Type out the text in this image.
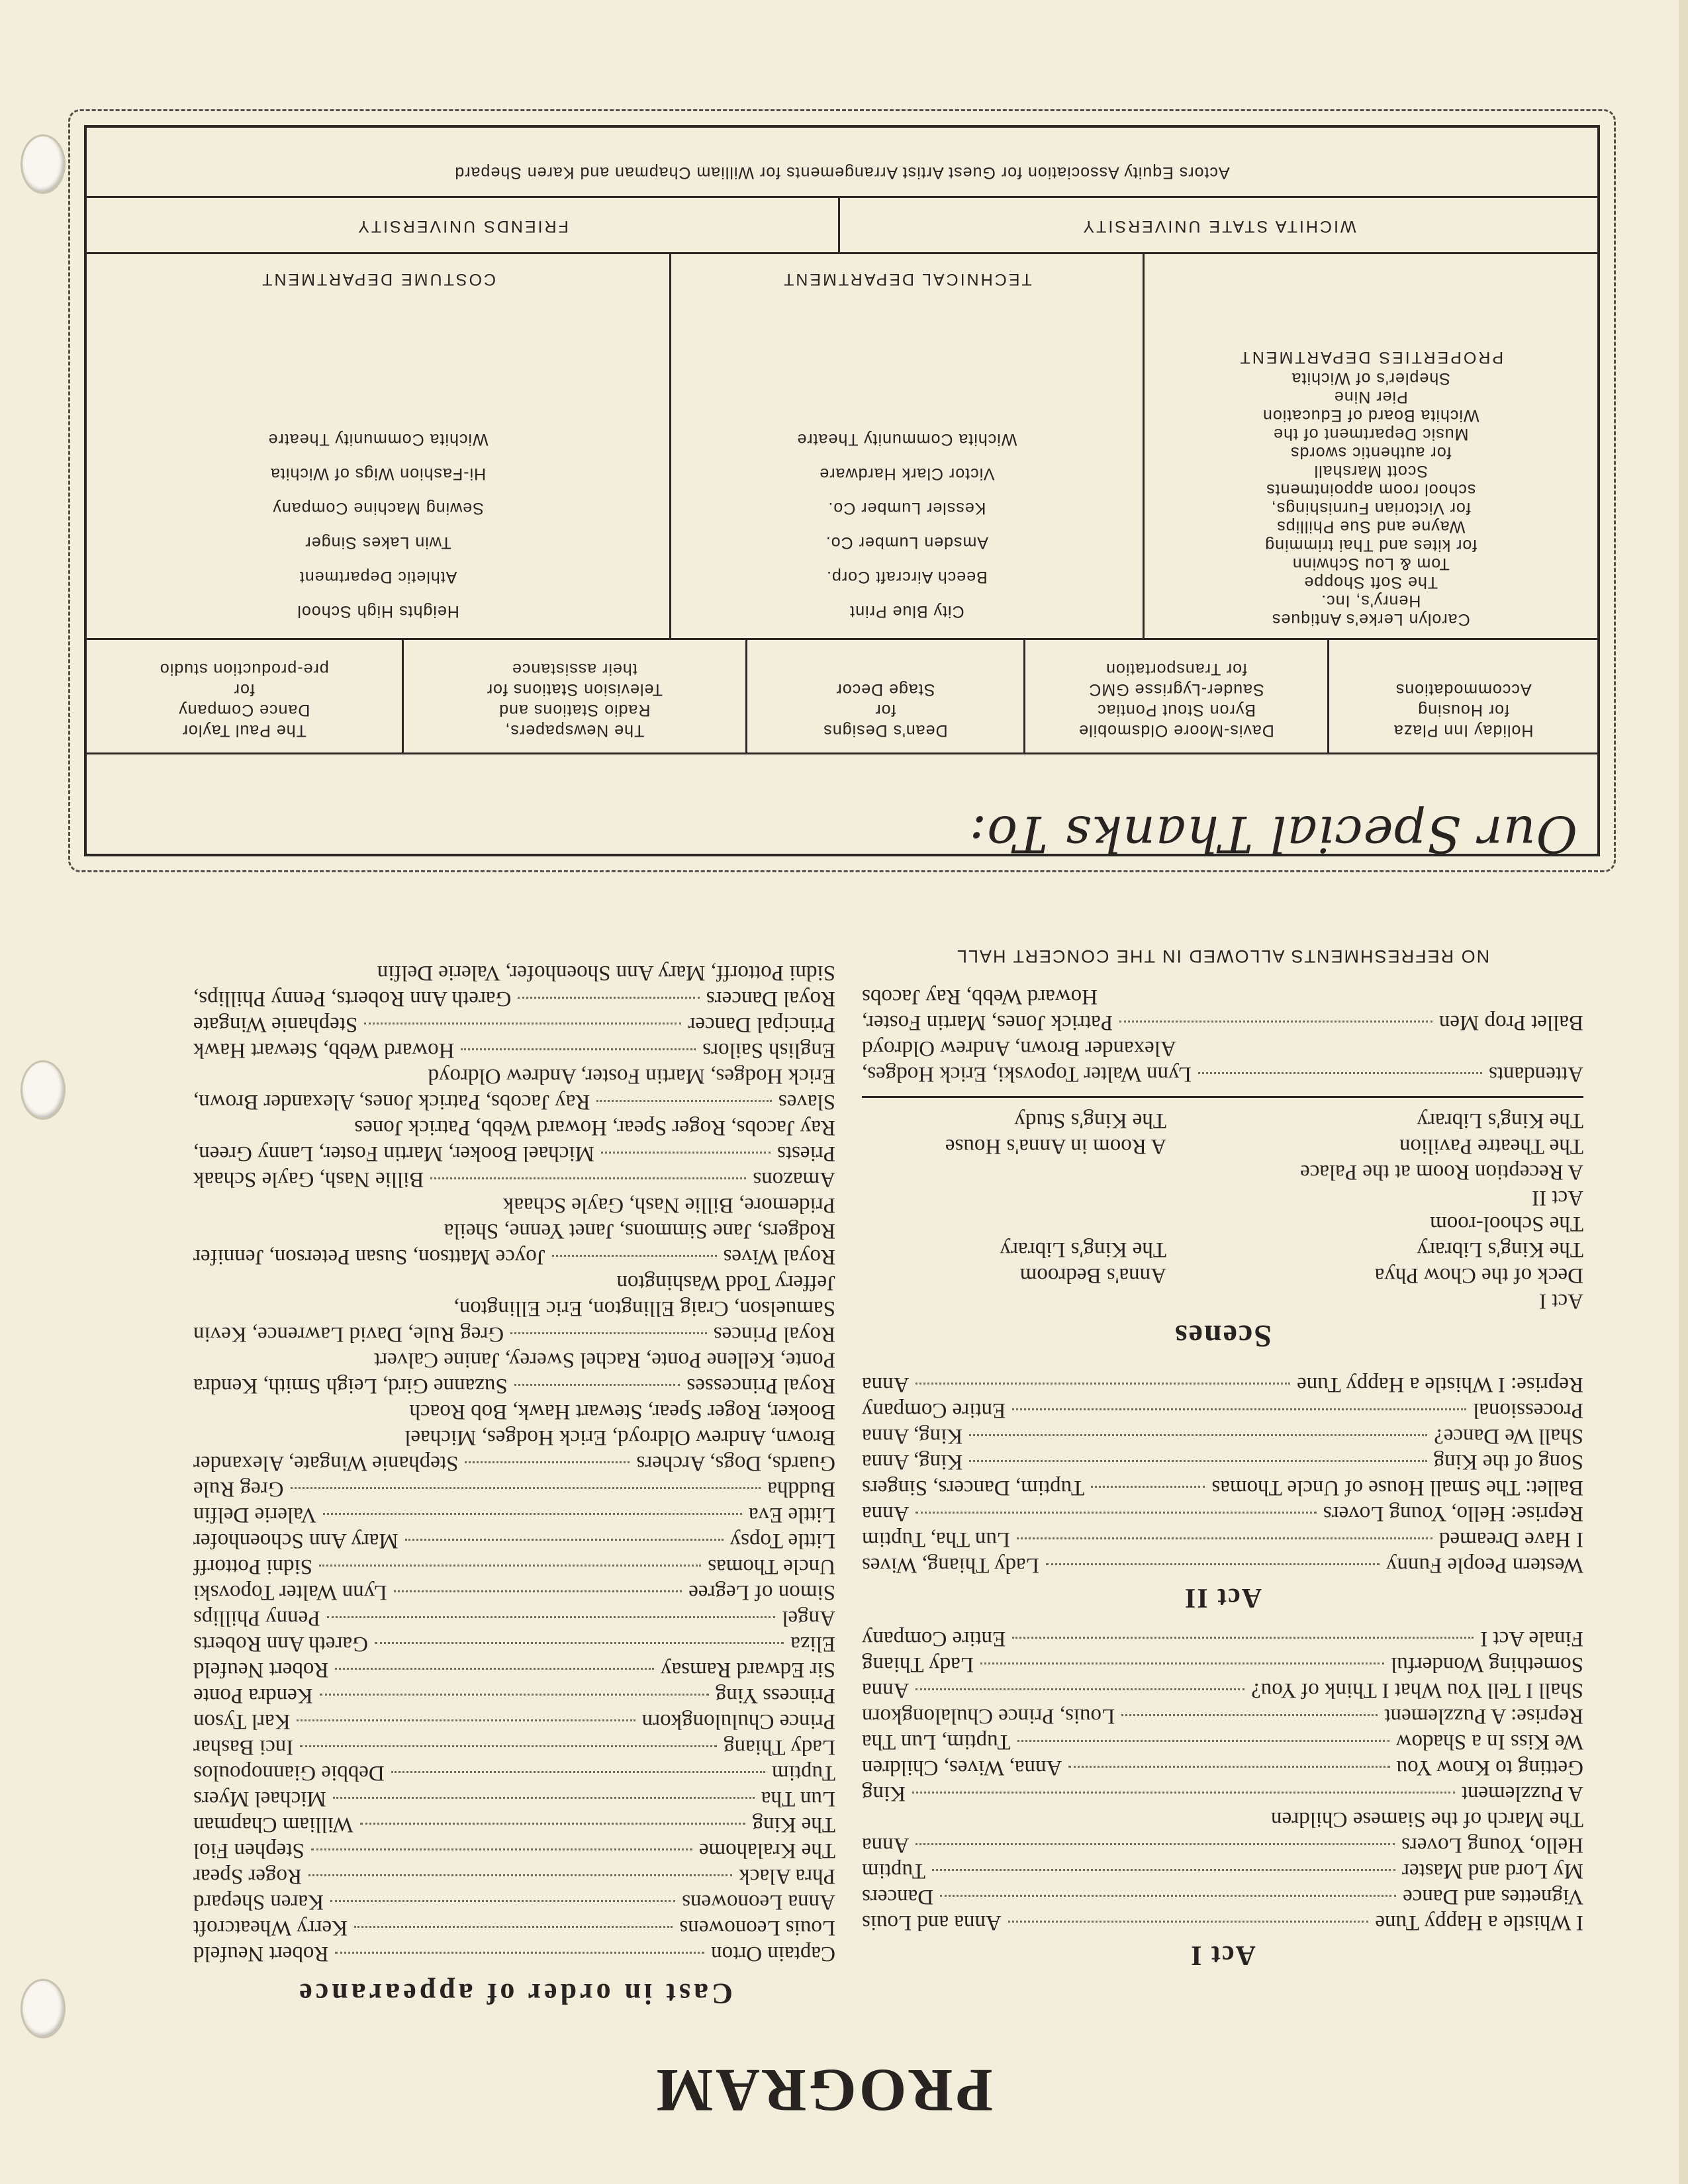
PROGRAM
Cast in order of appearance
Captain Orton
Robert Neufeld
Louis Leonowens
Kerry Wheatcroft
Anna Leonowens
Karen Shepard
Phra Alack
Roger Spear
The Kralahome
Stephen Fiol
The King
William Chapman
Lun Tha
Michael Myers
Tuptim
Debbie Giannopoulos
Lady Thiang
Inci Bashar
Prince Chululongkorn
Karl Tyson
Princess Ying
Kendra Ponte
Sir Edward Ramsay
Robert Neufeld
Eliza
Gareth Ann Roberts
Angel
Penny Phillips
Simon of Legree
Lynn Walter Topovski
Uncle Thomas
Sidni Pottorff
Little Topsy
Mary Ann Schoenhofer
Little Eva
Valerie Delfin
Buddha
Greg Rule
Guards, Dogs, Archers
Stephanie Wingate, Alexander
Brown, Andrew Oldroyd, Erick Hodges, Michael
Booker, Roger Spear, Stewart Hawk, Bob Roach
Royal Princesses
Suzanne Gird, Leigh Smith, Kendra
Ponte, Kellene Ponte, Rachel Swerey, Janine Calvert
Royal Princes
Greg Rule, David Lawrence, Kevin
Samuelson, Craig Ellington, Eric Ellington,
Jeffery Todd Washington
Royal Wives
Joyce Mattson, Susan Peterson, Jennifer
Rodgers, Jane Simmons, Janet Yenne, Sheila
Pridemore, Billie Nash, Gayle Schaak
Amazons
Billie Nash, Gayle Schaak
Priests
Michael Booker, Martin Foster, Lanny Green,
Ray Jacobs, Roger Spear, Howard Webb, Patrick Jones
Slaves
Ray Jacobs, Patrick Jones, Alexander Brown,
Erick Hodges, Martin Foster, Andrew Oldroyd
English Sailors
Howard Webb, Stewart Hawk
Principal Dancer
Stephanie Wingate
Royal Dancers
Gareth Ann Roberts, Penny Phillips,
Sidni Pottorff, Mary Ann Shoenhofer, Valerie Delfin
Act I
I Whistle a Happy Tune
Anna and Louis
Vignettes and Dance
Dancers
My Lord and Master
Tuptim
Hello, Young Lovers
Anna
The March of the Siamese Children
A Puzzlement
King
Getting to Know You
Anna, Wives, Children
We Kiss In a Shadow
Tuptim, Lun Tha
Reprise: A Puzzlement
Louis, Prince Chulalongkorn
Shall I Tell You What I Think of You?
Anna
Something Wonderful
Lady Thiang
Finale Act I
Entire Company
Act II
Western People Funny
Lady Thiang, Wives
I Have Dreamed
Lun Tha, Tuptim
Reprise: Hello, Young Lovers
Anna
Ballet: The Small House of Uncle Thomas
Tuptim, Dancers, Singers
Song of the King
King, Anna
Shall We Dance?
King, Anna
Processional
Entire Company
Reprise: I Whistle a Happy Tune
Anna
Scenes
Act I
Deck of the Chow Phya
Anna's Bedroom
The King's Library
The King's Library
The School-room
Act II
A Reception Room at the Palace
The Theatre Pavilion
A Room in Anna's House
The King's Library
The King's Study
Attendants
Lynn Walter Topovski, Erick Hodges,
Alexander Brown, Andrew Oldroyd
Ballet Prop Men
Patrick Jones, Martin Foster,
Howard Webb, Ray Jacobs
NO REFRESHMENTS ALLOWED IN THE CONCERT HALL
Our Special Thanks To:

Holiday Inn Plaza

for Housing

Accommodations

Davis-Moore Oldsmobile

Byron Stout Pontiac

Sauder-Lygrisse GMC

for Transportation

Dean's Designs

for

Stage Decor

The Newspapers,

Radio Stations and

Television Stations for

their assistance

The Paul Taylor

Dance Company

for

pre-production studio

Carolyn Lerke's Antiques

Henry's, Inc.

The Soft Shoppe

Tom & Lou Schwinn

for kites and Thai trimming

Wayne and Sue Phillips

for Victorian Furnishings,

school room appointments

Scott Marshall

for authentic swords

Music Department of the

Wichita Board of Education

Pier Nine

Shepler's of Wichita

PROPERTIES DEPARTMENT

City Blue Print

Beech Aircraft Corp.

Amsden Lumber Co.

Kessler Lumber Co.

Victor Clark Hardware

Wichita Community Theatre

TECHNICAL DEPARTMENT

Heights High School

Athletic Department

Twin Lakes Singer

Sewing Machine Company

Hi-Fashion Wigs of Wichita

Wichita Community Theatre

COSTUME DEPARTMENT

WICHITA STATE UNIVERSITY
FRIENDS UNIVERSITY
Actors Equity Association for Guest Artist Arrangements for William Chapman and Karen Shepard
